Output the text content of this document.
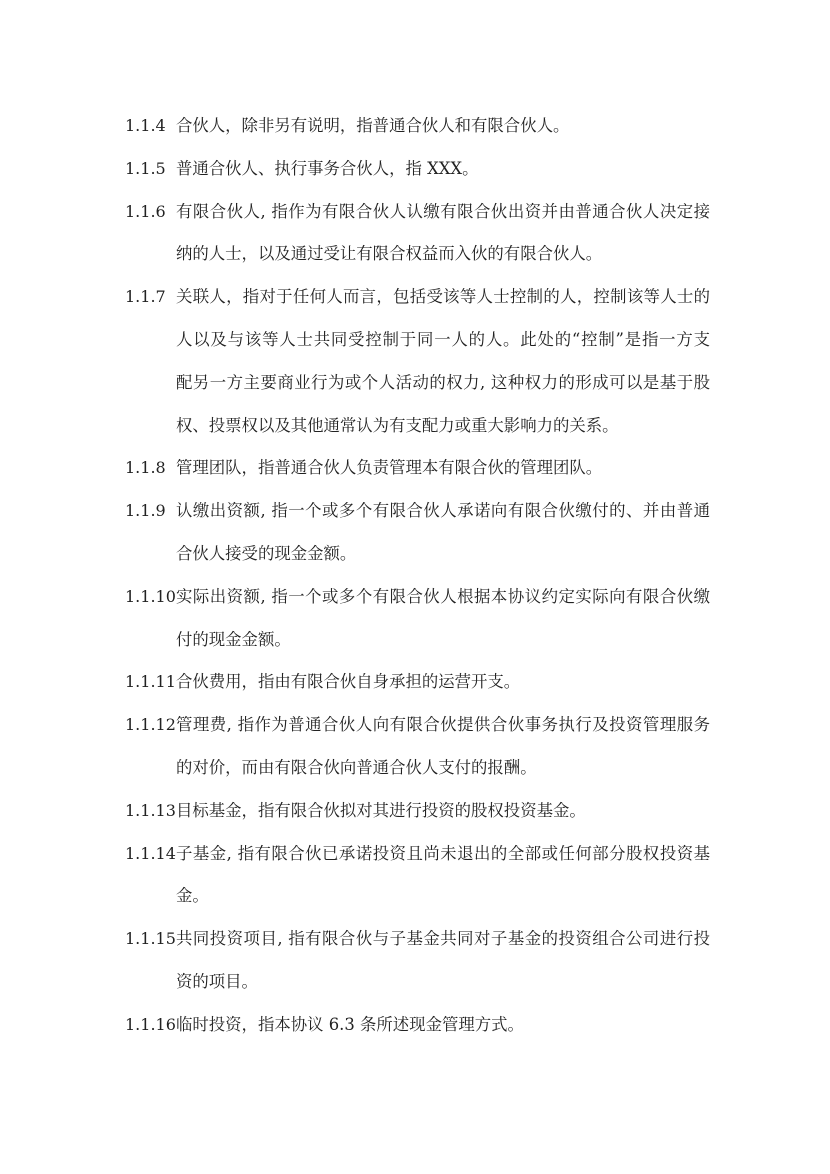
1.1.4 合伙人，除非另有说明，指普通合伙人和有限合伙人。
1.1.5 普通合伙人、执行事务合伙人，指 XXX。
1.1.6 有限合伙人, 指作为有限合伙人认缴有限合伙出资并由普通合伙人决定接
纳的人士，以及通过受让有限合权益而入伙的有限合伙人。
1.1.7 关联人，指对于任何人而言，包括受该等人士控制的人，控制该等人士的
人以及与该等人士共同受控制于同一人的人。此处的“控制”是指一方支
配另一方主要商业行为或个人活动的权力, 这种权力的形成可以是基于股
权、投票权以及其他通常认为有支配力或重大影响力的关系。
1.1.8 管理团队，指普通合伙人负责管理本有限合伙的管理团队。
1.1.9 认缴出资额, 指一个或多个有限合伙人承诺向有限合伙缴付的、并由普通
合伙人接受的现金金额。
1.1.10 实际出资额, 指一个或多个有限合伙人根据本协议约定实际向有限合伙缴
付的现金金额。
1.1.11 合伙费用，指由有限合伙自身承担的运营开支。
1.1.12 管理费, 指作为普通合伙人向有限合伙提供合伙事务执行及投资管理服务
的对价，而由有限合伙向普通合伙人支付的报酬。
1.1.13 目标基金，指有限合伙拟对其进行投资的股权投资基金。
1.1.14 子基金, 指有限合伙已承诺投资且尚未退出的全部或任何部分股权投资基
金。
1.1.15 共同投资项目, 指有限合伙与子基金共同对子基金的投资组合公司进行投
资的项目。
1.1.16 临时投资，指本协议 6.3 条所述现金管理方式。
